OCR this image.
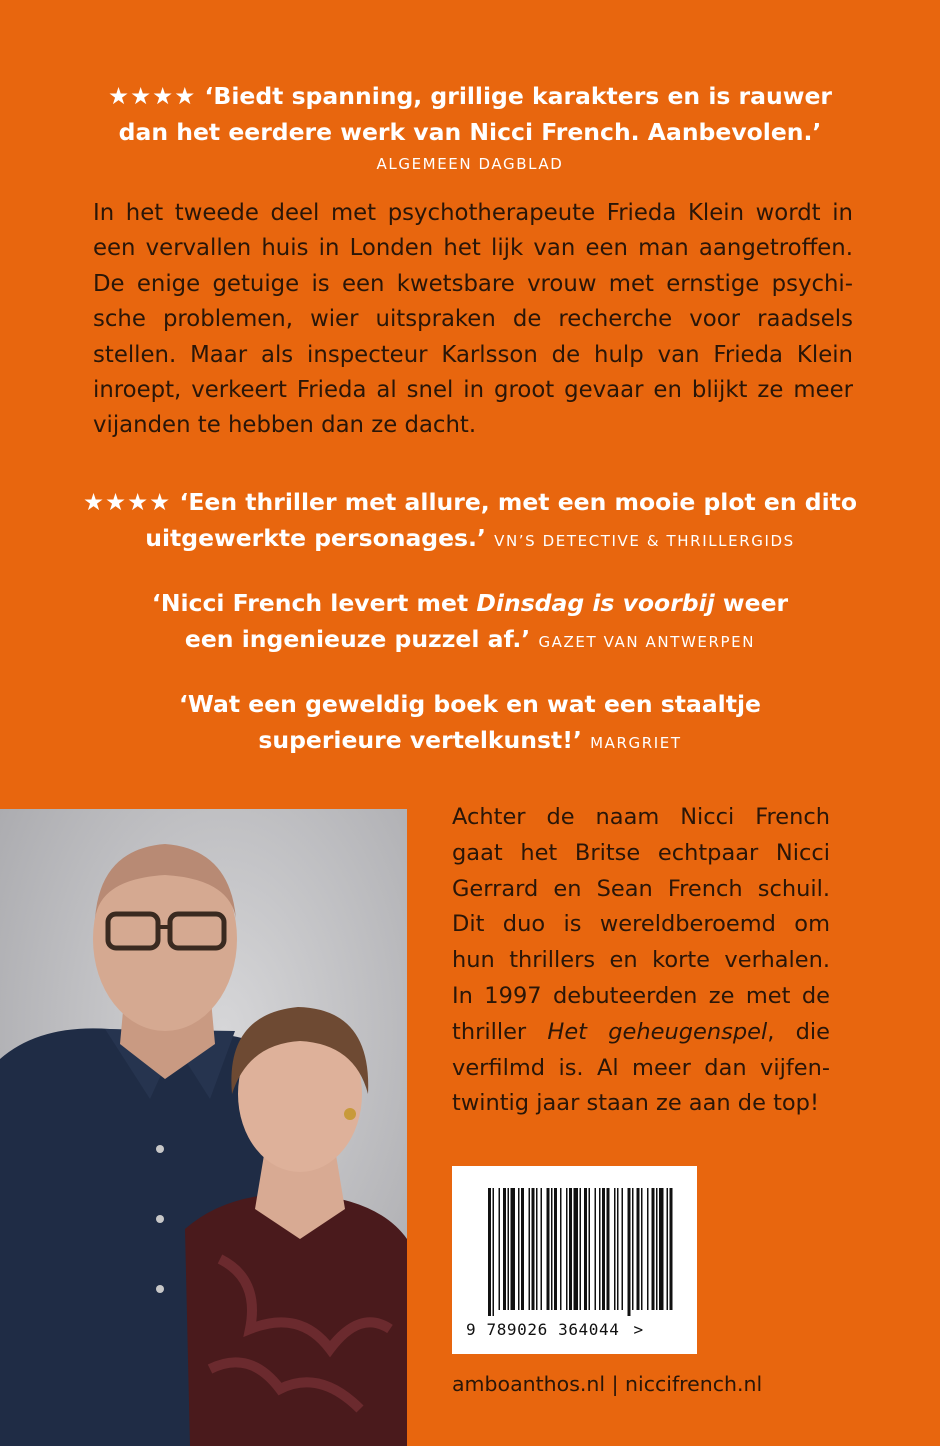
★★★★ ‘Biedt spanning, grillige karakters en is rauwer
dan het eerdere werk van Nicci French. Aanbevolen.’
ALGEMEEN DAGBLAD
In het tweede deel met psychotherapeute Frieda Klein wordt in
een vervallen huis in Londen het lijk van een man aangetroffen.
De enige getuige is een kwetsbare vrouw met ernstige psychi-
sche problemen, wier uitspraken de recherche voor raadsels
stellen. Maar als inspecteur Karlsson de hulp van Frieda Klein
inroept, verkeert Frieda al snel in groot gevaar en blijkt ze meer
vijanden te hebben dan ze dacht.
★★★★ ‘Een thriller met allure, met een mooie plot en dito
uitgewerkte personages.’ VN’S DETECTIVE & THRILLERGIDS
‘Nicci French levert met Dinsdag is voorbij weer
een ingenieuze puzzel af.’ GAZET VAN ANTWERPEN
‘Wat een geweldig boek en wat een staaltje
superieure vertelkunst!’ MARGRIET
Achter de naam Nicci French
gaat het Britse echtpaar Nicci
Gerrard en Sean French schuil.
Dit duo is wereldberoemd om
hun thrillers en korte verhalen.
In 1997 debuteerden ze met de
thriller Het geheugenspel, die
verfilmd is. Al meer dan vijfen-
twintig jaar staan ze aan de top!
9 789026 364044 >
amboanthos.nl | niccifrench.nl
